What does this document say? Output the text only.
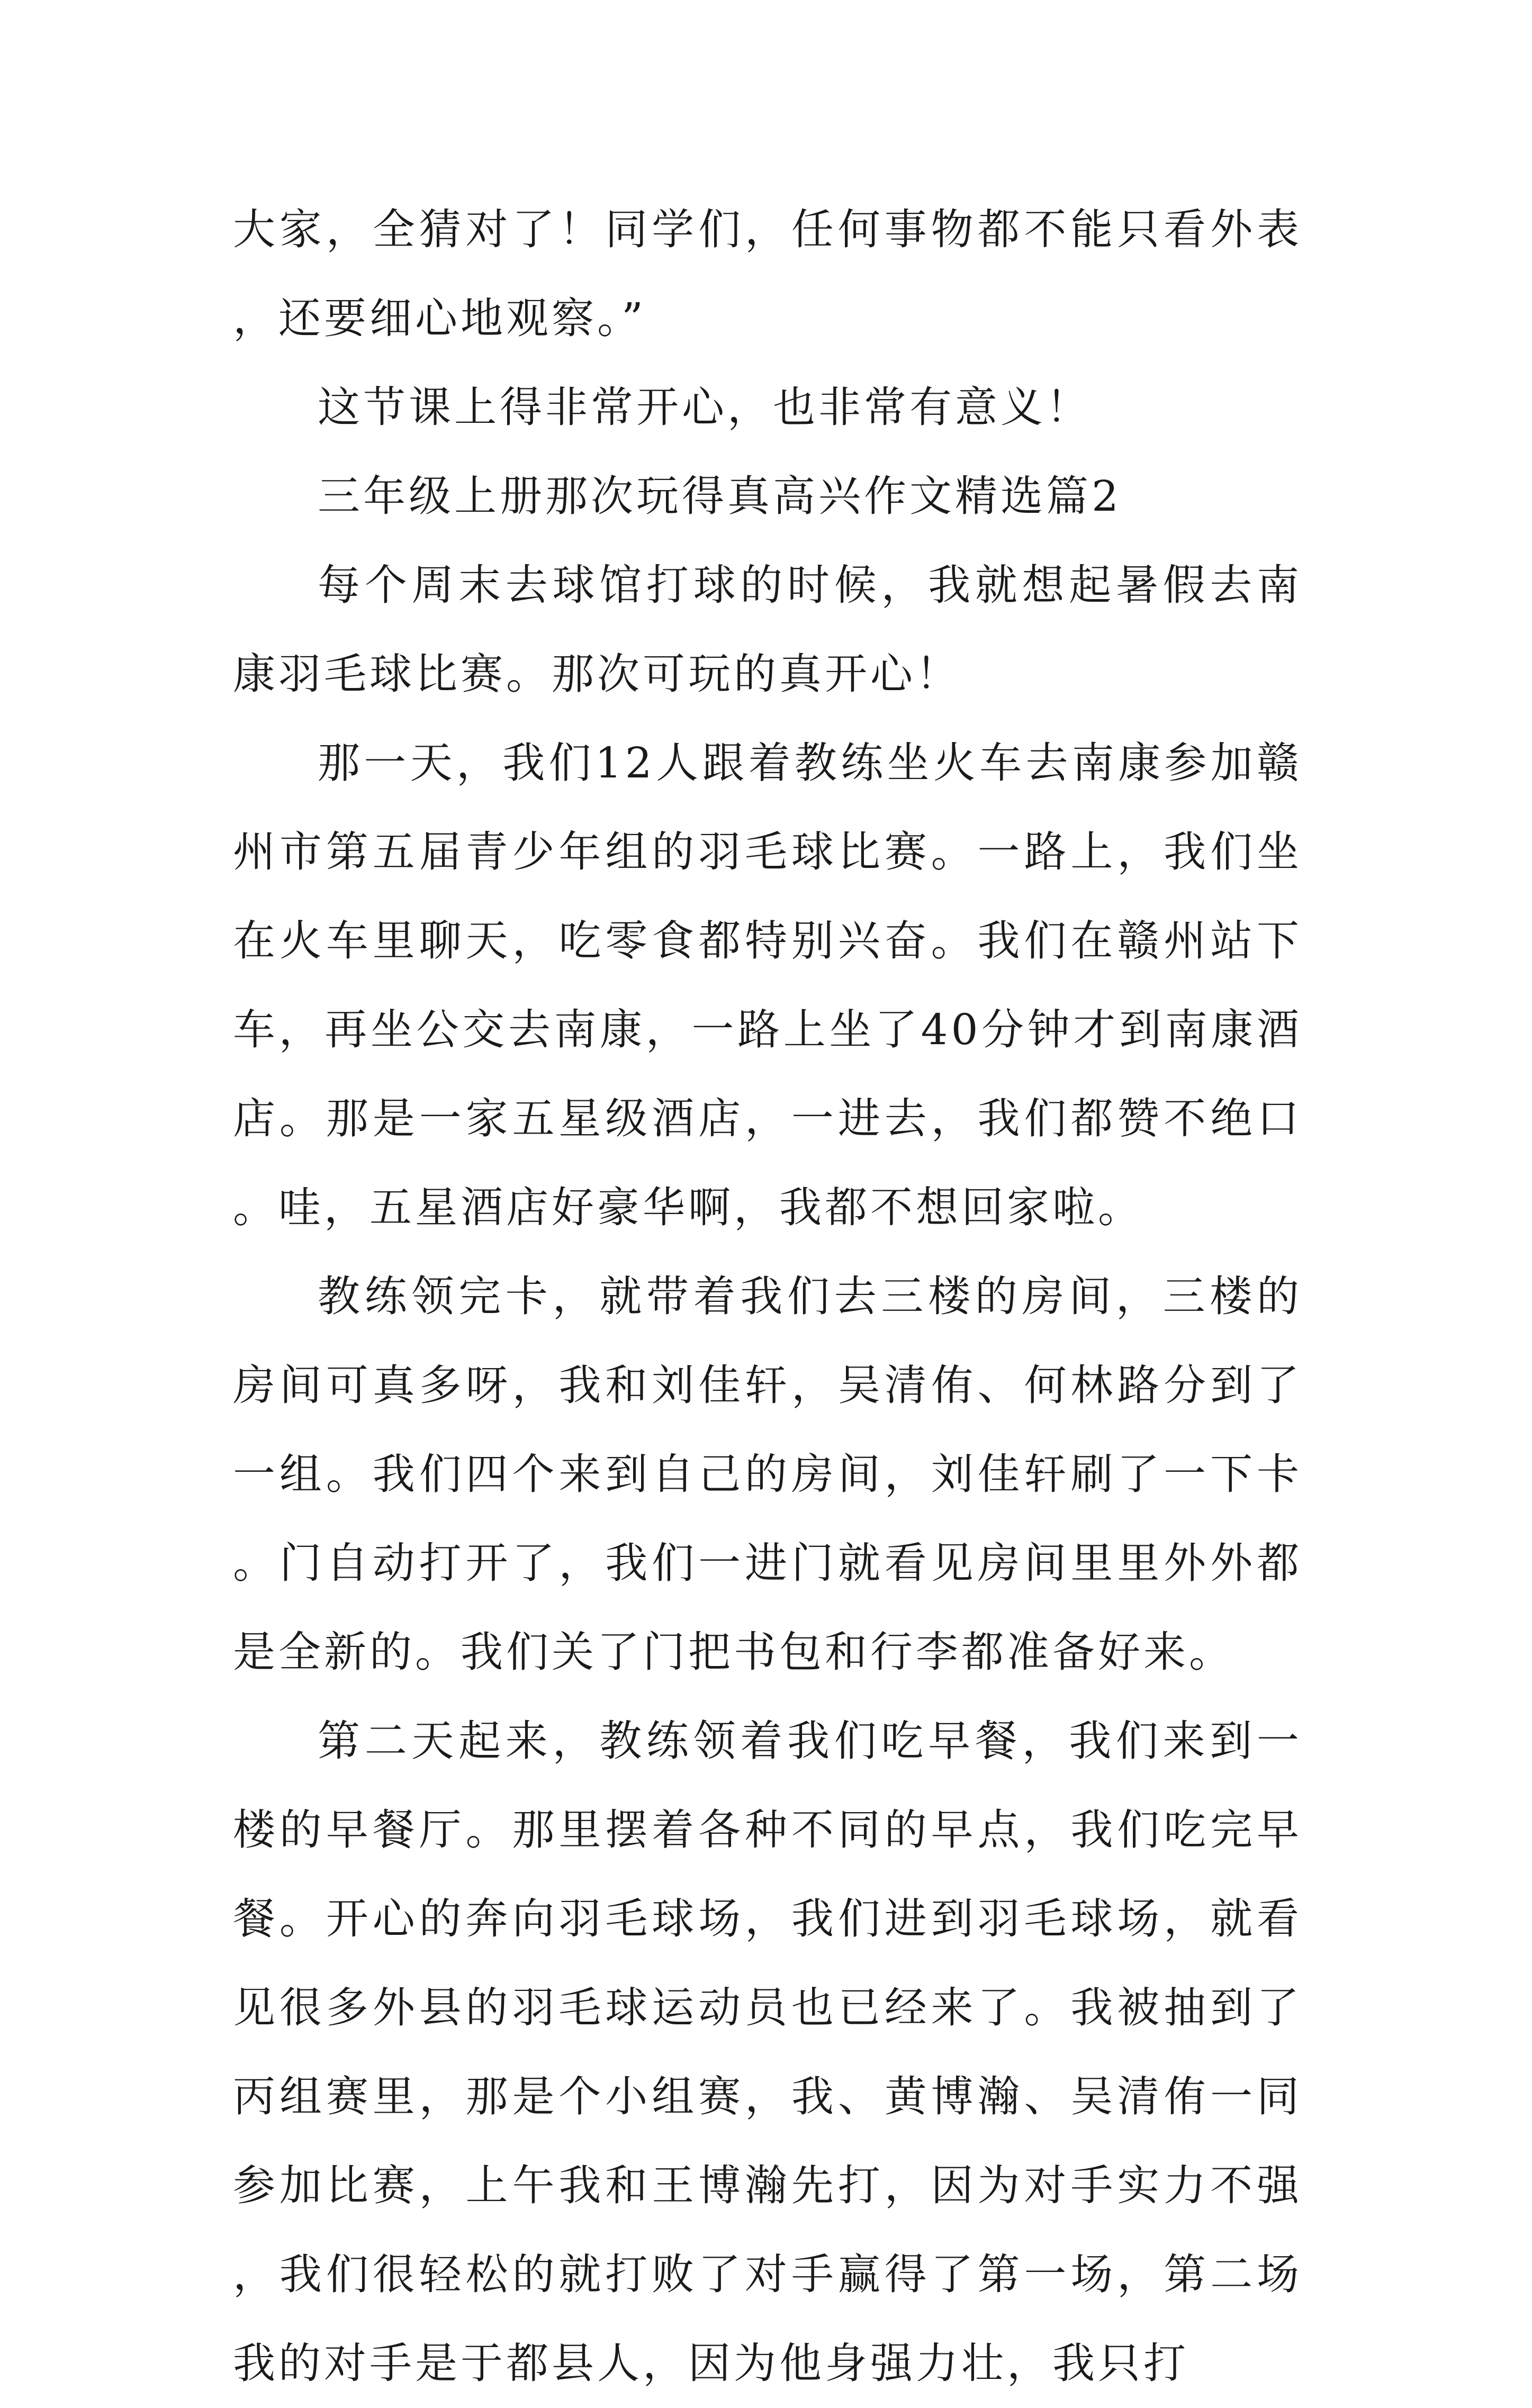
大家，全猜对了！同学们，任何事物都不能只看外表，还要细心地观察。”

这节课上得非常开心，也非常有意义！

三年级上册那次玩得真高兴作文精选篇2

每个周末去球馆打球的时候，我就想起暑假去南康羽毛球比赛。那次可玩的真开心！

那一天，我们12人跟着教练坐火车去南康参加赣州市第五届青少年组的羽毛球比赛。一路上，我们坐在火车里聊天，吃零食都特别兴奋。我们在赣州站下车，再坐公交去南康，一路上坐了40分钟才到南康酒店。那是一家五星级酒店，一进去，我们都赞不绝口。哇，五星酒店好豪华啊，我都不想回家啦。

教练领完卡，就带着我们去三楼的房间，三楼的房间可真多呀，我和刘佳轩，吴清侑、何林路分到了一组。我们四个来到自己的房间，刘佳轩刷了一下卡。门自动打开了，我们一进门就看见房间里里外外都是全新的。我们关了门把书包和行李都准备好来。

第二天起来，教练领着我们吃早餐，我们来到一楼的早餐厅。那里摆着各种不同的早点，我们吃完早餐。开心的奔向羽毛球场，我们进到羽毛球场，就看见很多外县的羽毛球运动员也已经来了。我被抽到了丙组赛里，那是个小组赛，我、黄博瀚、吴清侑一同参加比赛，上午我和王博瀚先打，因为对手实力不强，我们很轻松的就打败了对手赢得了第一场，第二场我的对手是于都县人，因为他身强力壮，我只打
